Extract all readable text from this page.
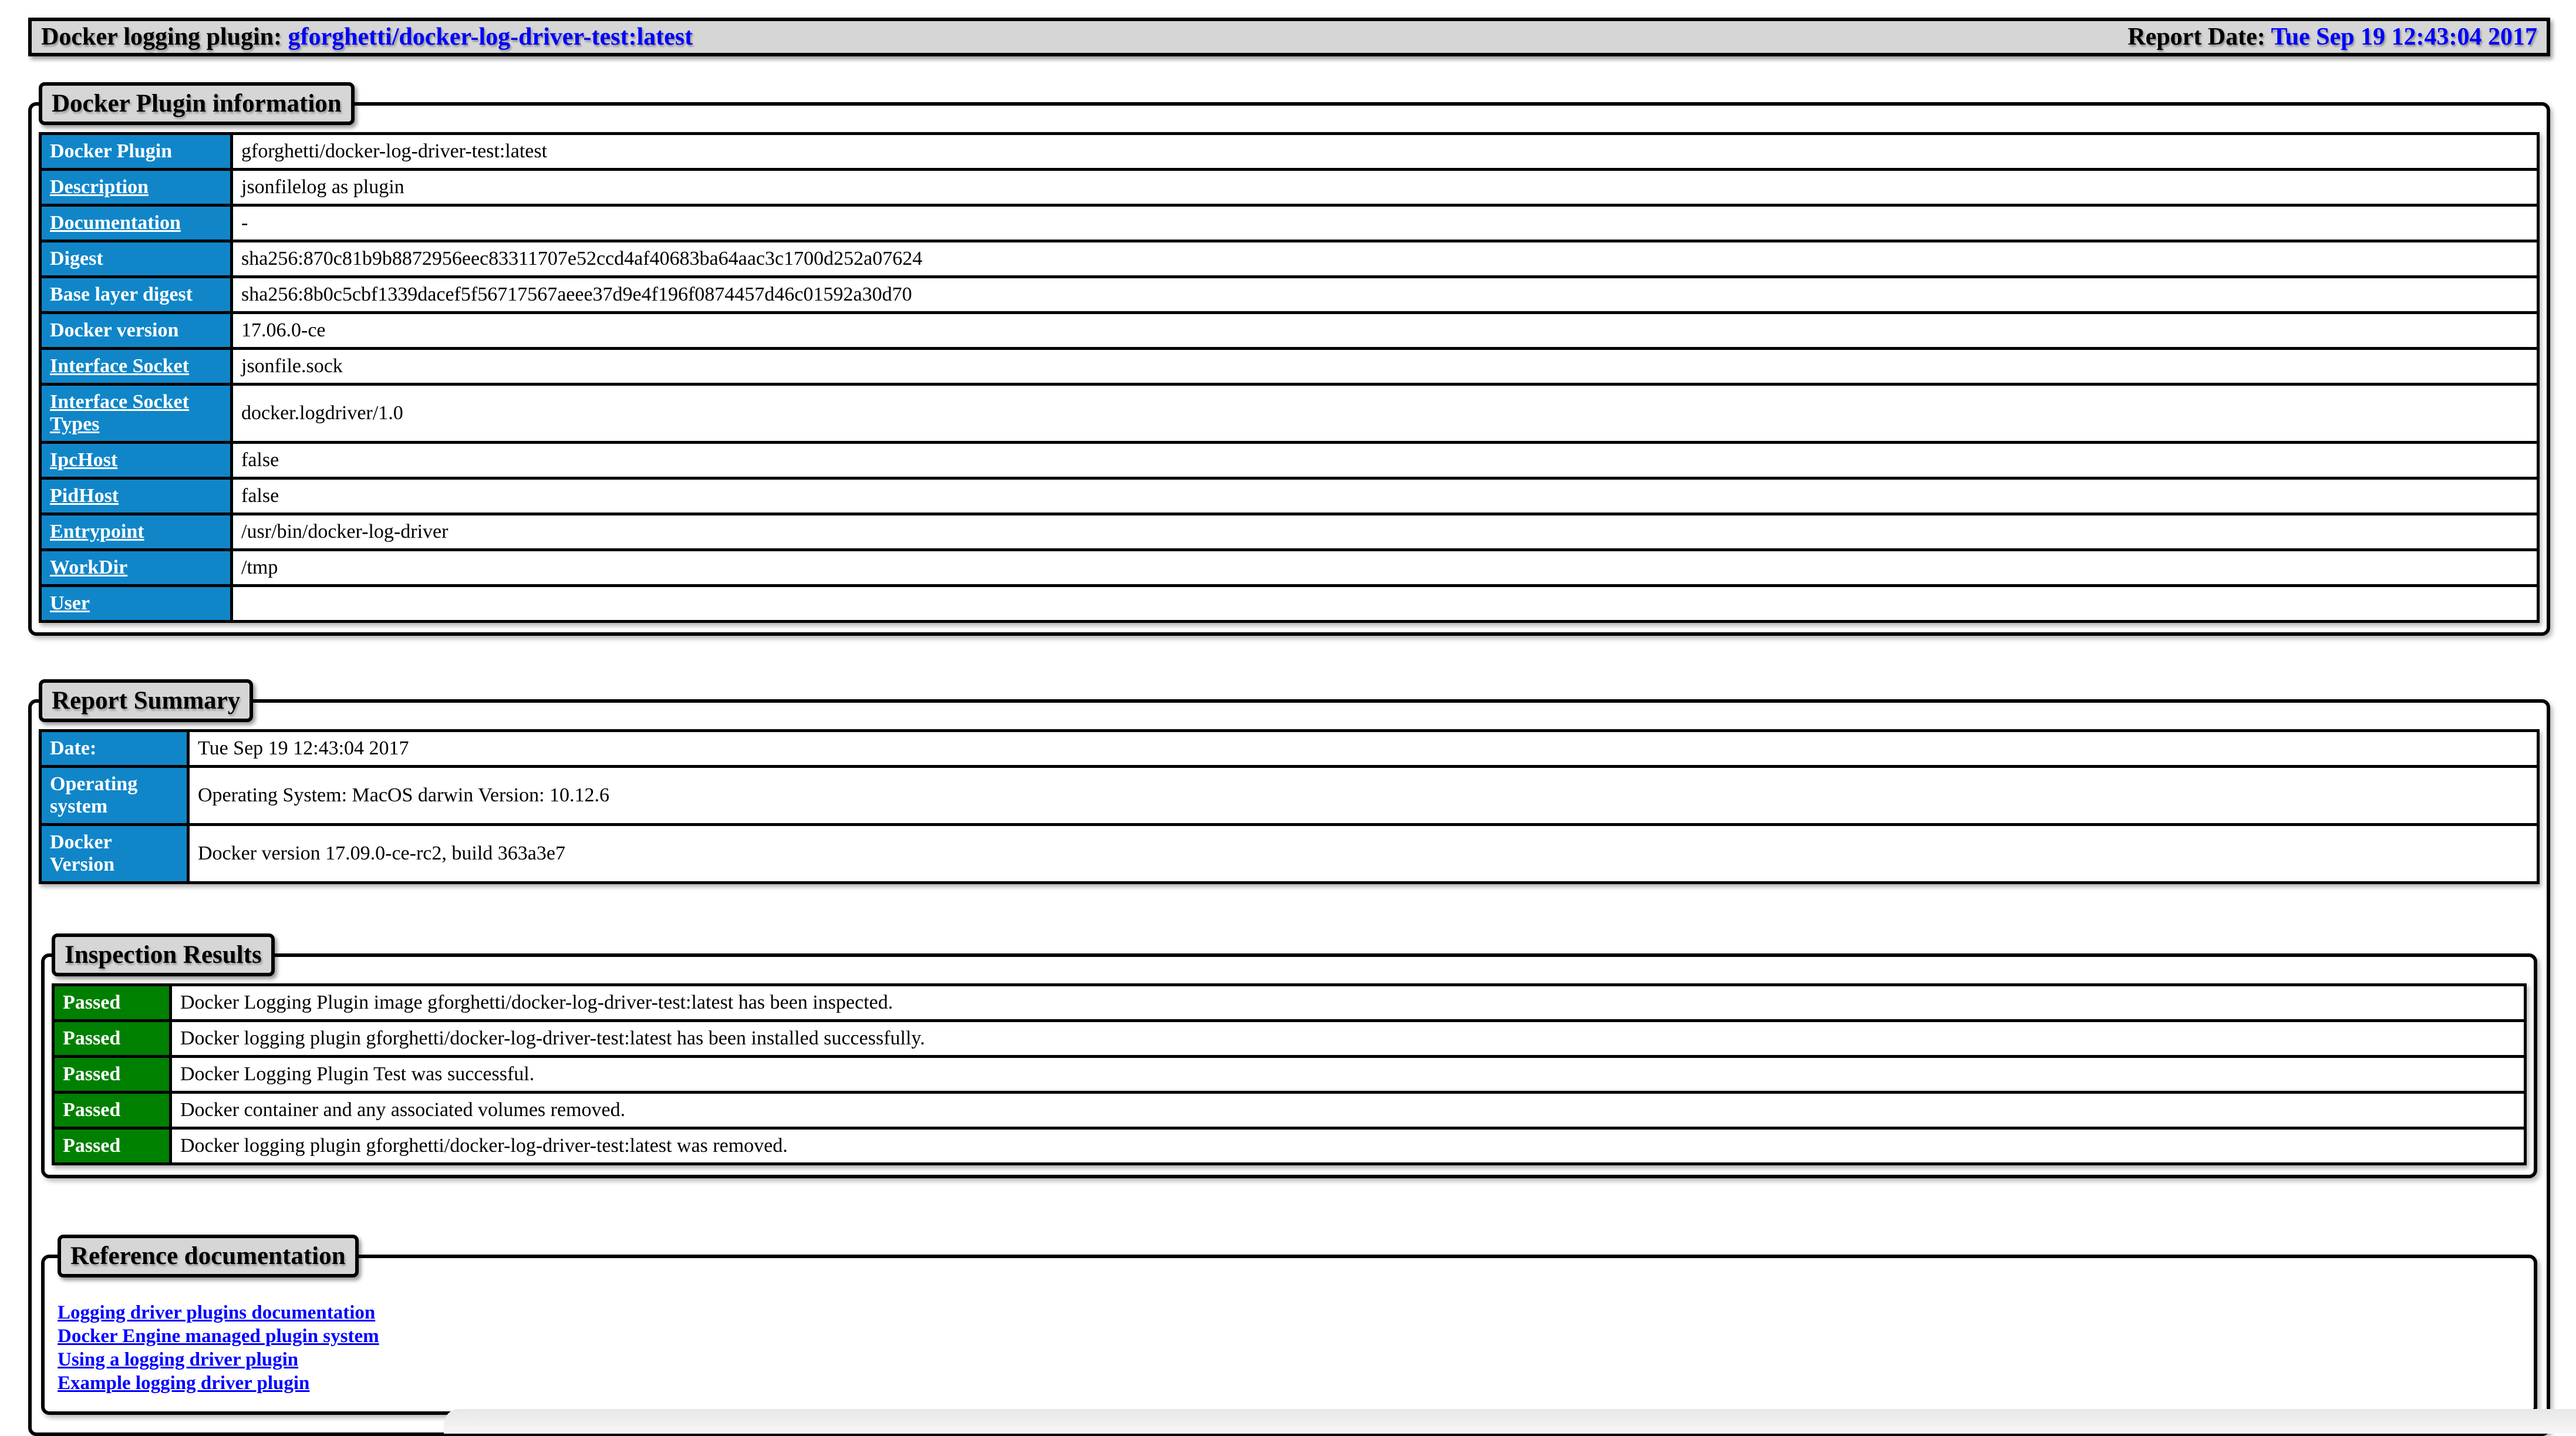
Docker logging plugin: gforghetti/docker-log-driver-test:latest	Report Date: Tue Sep 19 12:43:04 2017
Docker Plugin information
Docker Plugin	gforghetti/docker-log-driver-test:latest
Description	jsonfilelog as plugin
Documentation	-
Digest	sha256:870c81b9b8872956eec83311707e52ccd4af40683ba64aac3c1700d252a07624
Base layer digest	sha256:8b0c5cbf1339dacef5f56717567aeee37d9e4f196f0874457d46c01592a30d70
Docker version	17.06.0-ce
Interface Socket	jsonfile.sock
Interface Socket Types	docker.logdriver/1.0
IpcHost	false
PidHost	false
Entrypoint	/usr/bin/docker-log-driver
WorkDir	/tmp
User	
Report Summary
Date:	Tue Sep 19 12:43:04 2017
Operating system	Operating System: MacOS darwin Version: 10.12.6
Docker Version	Docker version 17.09.0-ce-rc2, build 363a3e7
Inspection Results
Passed	Docker Logging Plugin image gforghetti/docker-log-driver-test:latest has been inspected.
Passed	Docker logging plugin gforghetti/docker-log-driver-test:latest has been installed successfully.
Passed	Docker Logging Plugin Test was successful.
Passed	Docker container and any associated volumes removed.
Passed	Docker logging plugin gforghetti/docker-log-driver-test:latest was removed.
Reference documentation
Logging driver plugins documentation
Docker Engine managed plugin system
Using a logging driver plugin
Example logging driver plugin
